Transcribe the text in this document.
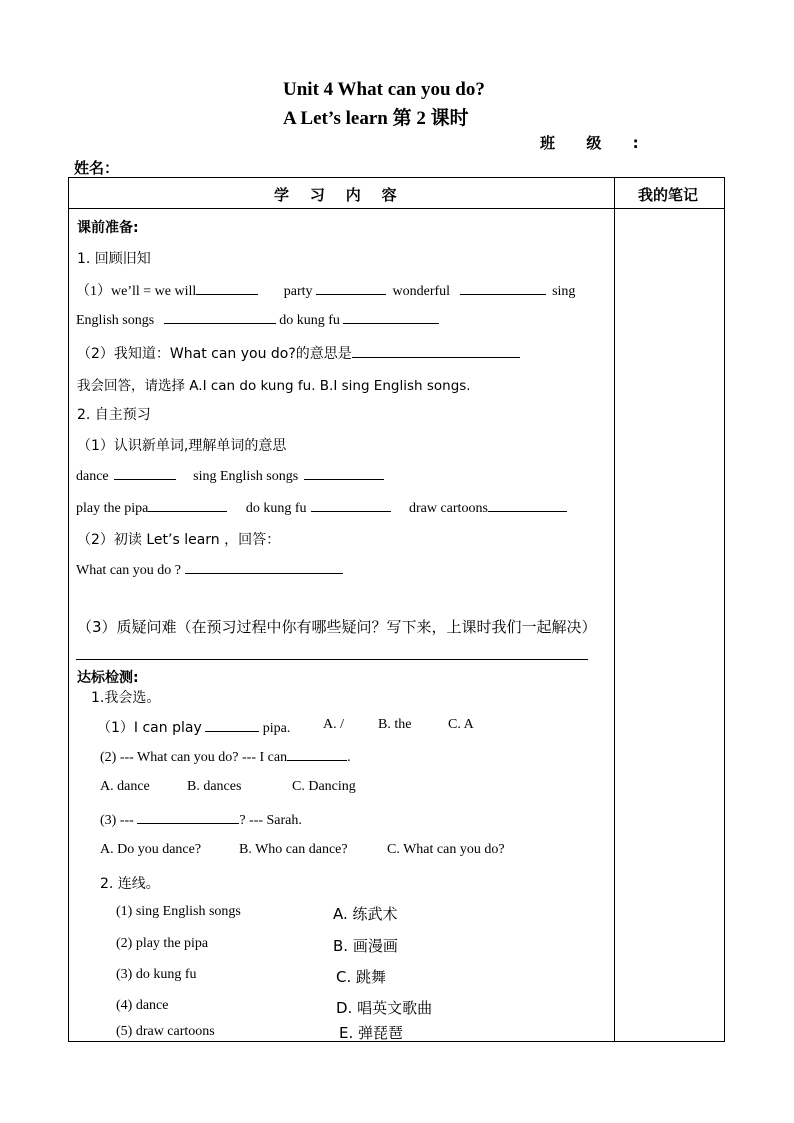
Unit 4 What can you do?
A Let’s learn 第 2 课时
班      级      :
姓名：
学    习    内    容	我的笔记
课前准备:
1. 回顾旧知
（1）we’ll = we will	party	wonderful	sing
English songs	do kung fu
（2）我知道：What can you do?的意思是
我会回答，请选择 A.I can do kung fu. B.I sing English songs.
2. 自主预习
（1）认识新单词,理解单词的意思
dance	sing English songs
play the pipa	do kung fu	draw cartoons
（2）初读 Let’s learn ，回答：
What can you do ?
（3）质疑问难（在预习过程中你有哪些疑问？写下来，上课时我们一起解决）
达标检测:
1.我会选。
（1）I can play	pipa. A. / B. the	C. A
(2) --- What can you do? --- I can	.
A. dance	B. dances	C. Dancing
(3) ---	? --- Sarah.
A. Do you dance?	B. Who can dance?	C. What can you do?
2. 连线。
(1) sing English songs
(2) play the pipa
(3) do kung fu
(4) dance
(5) draw cartoons
A. 练武术
B. 画漫画
C. 跳舞
D. 唱英文歌曲
E. 弹琵琶
